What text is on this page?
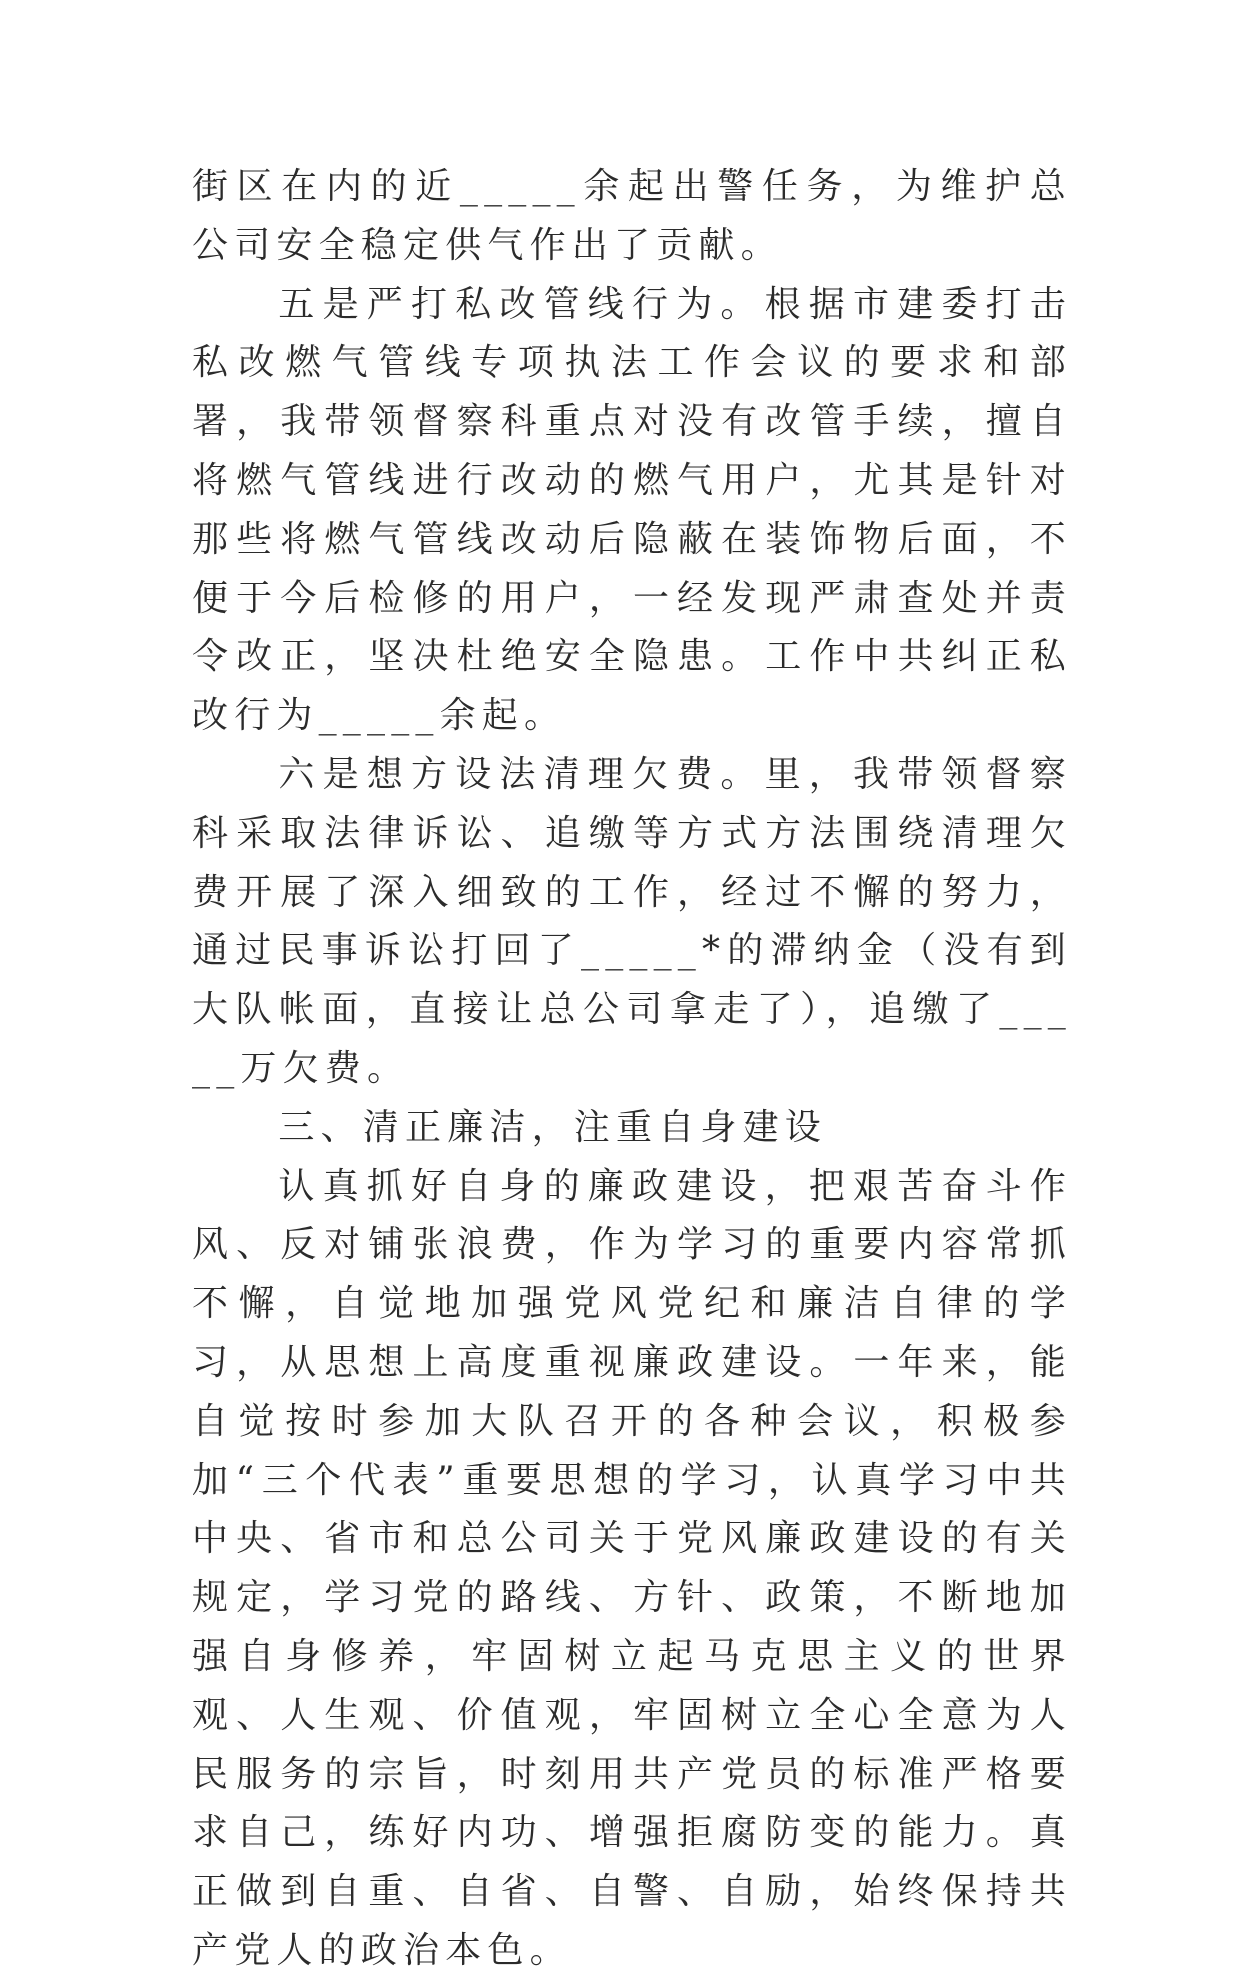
街区在内的近_____余起出警任务，为维护总公司安全稳定供气作出了贡献。

五是严打私改管线行为。根据市建委打击私改燃气管线专项执法工作会议的要求和部署，我带领督察科重点对没有改管手续，擅自将燃气管线进行改动的燃气用户，尤其是针对那些将燃气管线改动后隐蔽在装饰物后面，不便于今后检修的用户，一经发现严肃查处并责令改正，坚决杜绝安全隐患。工作中共纠正私改行为_____余起。

六是想方设法清理欠费。里，我带领督察科采取法律诉讼、追缴等方式方法围绕清理欠费开展了深入细致的工作，经过不懈的努力，通过民事诉讼打回了_____*的滞纳金（没有到大队帐面，直接让总公司拿走了），追缴了_____万欠费。

三、清正廉洁，注重自身建设

认真抓好自身的廉政建设，把艰苦奋斗作风、反对铺张浪费，作为学习的重要内容常抓不懈，自觉地加强党风党纪和廉洁自律的学习，从思想上高度重视廉政建设。一年来，能自觉按时参加大队召开的各种会议，积极参加“三个代表”重要思想的学习，认真学习中共中央、省市和总公司关于党风廉政建设的有关规定，学习党的路线、方针、政策，不断地加强自身修养，牢固树立起马克思主义的世界观、人生观、价值观，牢固树立全心全意为人民服务的宗旨，时刻用共产党员的标准严格要求自己，练好内功、增强拒腐防变的能力。真正做到自重、自省、自警、自励，始终保持共产党人的政治本色。
